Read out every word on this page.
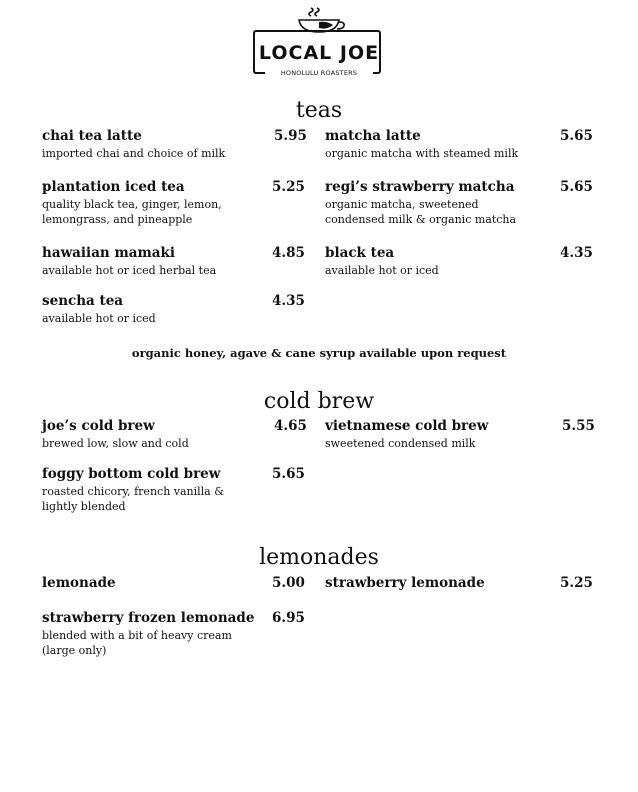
LOCAL JOE
HONOLULU ROASTERS
teas
chai tea latte
imported chai and choice of milk
5.95 matcha latte
organic matcha with steamed milk
5.65
plantation iced tea
quality black tea, ginger, lemon, lemongrass, and pineapple
5.25 regi’s strawberry matcha
organic matcha, sweetened condensed milk & organic matcha
5.65
hawaiian mamaki
available hot or iced herbal tea
4.85 black tea
available hot or iced
4.35
sencha tea
available hot or iced
4.35
organic honey, agave & cane syrup available upon request
cold brew
joe’s cold brew
brewed low, slow and cold
4.65 vietnamese cold brew
sweetened condensed milk
5.55
foggy bottom cold brew
roasted chicory, french vanilla & lightly blended
5.65
lemonades
lemonade	5.00 strawberry lemonade	5.25
strawberry frozen lemonade
blended with a bit of heavy cream (large only)
6.95
